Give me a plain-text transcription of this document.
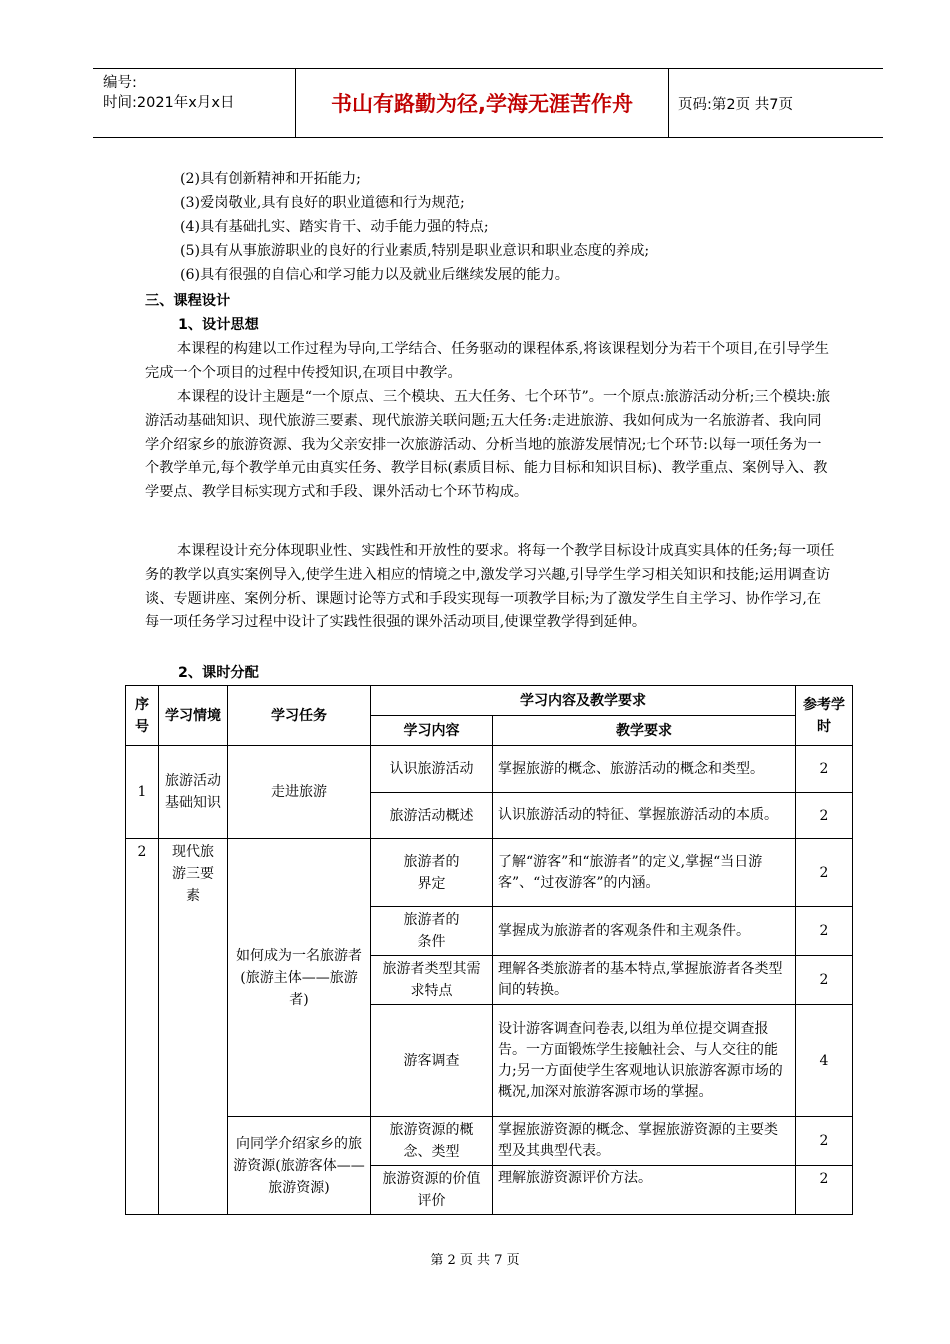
编号:
时间:2021年x月x日	书山有路勤为径,学海无涯苦作舟	页码:第2页 共7页
(2)具有创新精神和开拓能力;
(3)爱岗敬业,具有良好的职业道德和行为规范;
(4)具有基础扎实、踏实肯干、动手能力强的特点;
(5)具有从事旅游职业的良好的行业素质,特别是职业意识和职业态度的养成;
(6)具有很强的自信心和学习能力以及就业后继续发展的能力。
三、课程设计
1、设计思想
本课程的构建以工作过程为导向,工学结合、任务驱动的课程体系,将该课程划分为若干个项目,在引导学生完成一个个项目的过程中传授知识,在项目中教学。
本课程的设计主题是“一个原点、三个模块、五大任务、七个环节”。一个原点:旅游活动分析;三个模块:旅游活动基础知识、现代旅游三要素、现代旅游关联问题;五大任务:走进旅游、我如何成为一名旅游者、我向同学介绍家乡的旅游资源、我为父亲安排一次旅游活动、分析当地的旅游发展情况;七个环节:以每一项任务为一个教学单元,每个教学单元由真实任务、教学目标(素质目标、能力目标和知识目标)、教学重点、案例导入、教学要点、教学目标实现方式和手段、课外活动七个环节构成。
本课程设计充分体现职业性、实践性和开放性的要求。将每一个教学目标设计成真实具体的任务;每一项任务的教学以真实案例导入,使学生进入相应的情境之中,激发学习兴趣,引导学生学习相关知识和技能;运用调查访谈、专题讲座、案例分析、课题讨论等方式和手段实现每一项教学目标;为了激发学生自主学习、协作学习,在每一项任务学习过程中设计了实践性很强的课外活动项目,使课堂教学得到延伸。
2、课时分配
序号	学习情境	学习任务	学习内容及教学要求		参考学时
			学习内容	教学要求	
1	旅游活动基础知识	走进旅游	认识旅游活动	掌握旅游的概念、旅游活动的概念和类型。	2
			旅游活动概述	认识旅游活动的特征、掌握旅游活动的本质。	2
2	现代旅游三要素	如何成为一名旅游者(旅游主体——旅游者)	旅游者的界定	了解“游客”和“旅游者”的定义,掌握“当日游客”、“过夜游客”的内涵。	2
			旅游者的条件	掌握成为旅游者的客观条件和主观条件。	2
			旅游者类型其需求特点	理解各类旅游者的基本特点,掌握旅游者各类型间的转换。	2
			游客调查	设计游客调查问卷表,以组为单位提交调查报告。一方面锻炼学生接触社会、与人交往的能力;另一方面使学生客观地认识旅游客源市场的概况,加深对旅游客源市场的掌握。	4
		向同学介绍家乡的旅游资源(旅游客体——旅游资源)	旅游资源的概念、类型	掌握旅游资源的概念、掌握旅游资源的主要类型及其典型代表。	2
			旅游资源的价值评价	理解旅游资源评价方法。	2
第 2 页 共 7 页
